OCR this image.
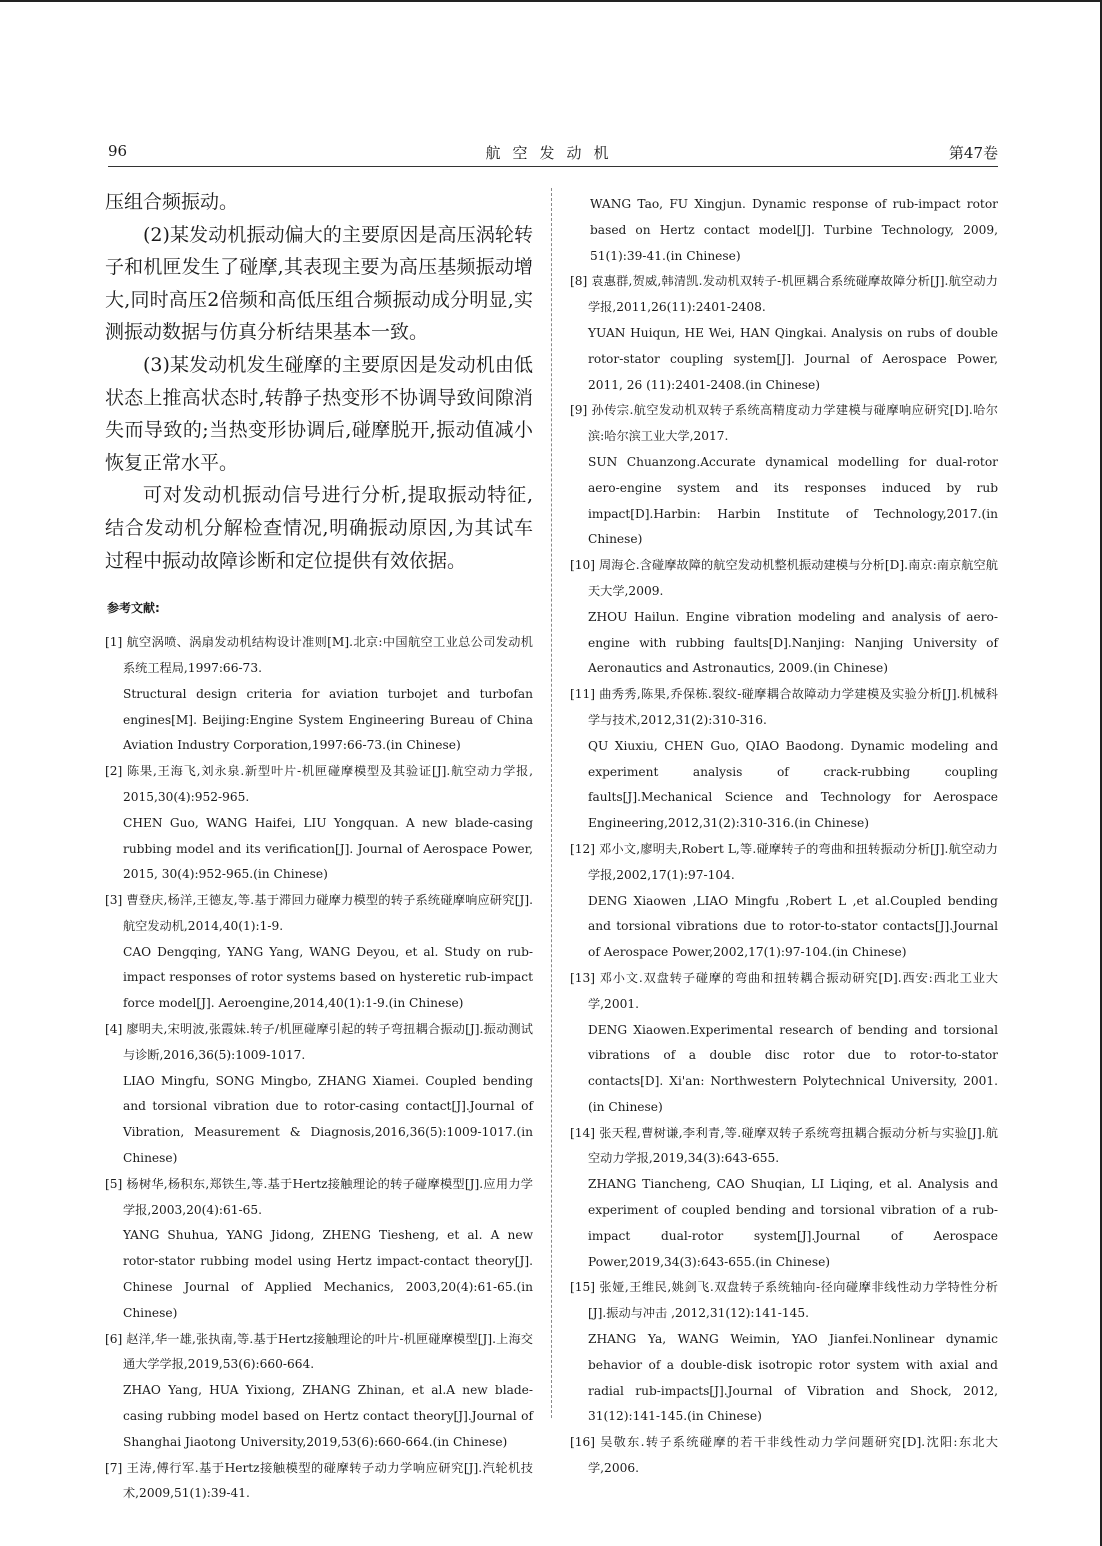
96	航空发动机	第47卷

压组合频振动。

(2)某发动机振动偏大的主要原因是高压涡轮转子和机匣发生了碰摩,其表现主要为高压基频振动增大,同时高压2倍频和高低压组合频振动成分明显,实测振动数据与仿真分析结果基本一致。

(3)某发动机发生碰摩的主要原因是发动机由低状态上推高状态时,转静子热变形不协调导致间隙消失而导致的;当热变形协调后,碰摩脱开,振动值减小恢复正常水平。

可对发动机振动信号进行分析,提取振动特征,结合发动机分解检查情况,明确振动原因,为其试车过程中振动故障诊断和定位提供有效依据。

参考文献:
[1] 航空涡喷、涡扇发动机结构设计准则[M].北京:中国航空工业总公司发动机系统工程局,1997:66-73.
Structural design criteria for aviation turbojet and turbofan engines[M]. Beijing:Engine System Engineering Bureau of China Aviation Industry Corporation,1997:66-73.(in Chinese)
[2] 陈果,王海飞,刘永泉.新型叶片-机匣碰摩模型及其验证[J].航空动力学报, 2015,30(4):952-965.
CHEN Guo, WANG Haifei, LIU Yongquan. A new blade-casing rubbing model and its verification[J]. Journal of Aerospace Power, 2015, 30(4):952-965.(in Chinese)
[3] 曹登庆,杨洋,王德友,等.基于滞回力碰摩力模型的转子系统碰摩响应研究[J].航空发动机,2014,40(1):1-9.
CAO Dengqing, YANG Yang, WANG Deyou, et al. Study on rub-impact responses of rotor systems based on hysteretic rub-impact force model[J]. Aeroengine,2014,40(1):1-9.(in Chinese)
[4] 廖明夫,宋明波,张霞妹.转子/机匣碰摩引起的转子弯扭耦合振动[J].振动测试与诊断,2016,36(5):1009-1017.
LIAO Mingfu, SONG Mingbo, ZHANG Xiamei. Coupled bending and torsional vibration due to rotor-casing contact[J].Journal of Vibration, Measurement & Diagnosis,2016,36(5):1009-1017.(in Chinese)
[5] 杨树华,杨积东,郑铁生,等.基于Hertz接触理论的转子碰摩模型[J].应用力学学报,2003,20(4):61-65.
YANG Shuhua, YANG Jidong, ZHENG Tiesheng, et al. A new rotor-stator rubbing model using Hertz impact-contact theory[J]. Chinese Journal of Applied Mechanics, 2003,20(4):61-65.(in Chinese)
[6] 赵洋,华一雄,张执南,等.基于Hertz接触理论的叶片-机匣碰摩模型[J].上海交通大学学报,2019,53(6):660-664.
ZHAO Yang, HUA Yixiong, ZHANG Zhinan, et al.A new blade-casing rubbing model based on Hertz contact theory[J].Journal of Shanghai Jiaotong University,2019,53(6):660-664.(in Chinese)
[7] 王涛,傅行军.基于Hertz接触模型的碰摩转子动力学响应研究[J].汽轮机技术,2009,51(1):39-41.
WANG Tao, FU Xingjun. Dynamic response of rub-impact rotor based on Hertz contact model[J]. Turbine Technology, 2009, 51(1):39-41.(in Chinese)
[8] 袁惠群,贺威,韩清凯.发动机双转子-机匣耦合系统碰摩故障分析[J].航空动力学报,2011,26(11):2401-2408.
YUAN Huiqun, HE Wei, HAN Qingkai. Analysis on rubs of double rotor-stator coupling system[J]. Journal of Aerospace Power, 2011, 26 (11):2401-2408.(in Chinese)
[9] 孙传宗.航空发动机双转子系统高精度动力学建模与碰摩响应研究[D].哈尔滨:哈尔滨工业大学,2017.
SUN Chuanzong.Accurate dynamical modelling for dual-rotor aero-engine system and its responses induced by rub impact[D].Harbin: Harbin Institute of Technology,2017.(in Chinese)
[10] 周海仑.含碰摩故障的航空发动机整机振动建模与分析[D].南京:南京航空航天大学,2009.
ZHOU Hailun. Engine vibration modeling and analysis of aero-engine with rubbing faults[D].Nanjing: Nanjing University of Aeronautics and Astronautics, 2009.(in Chinese)
[11] 曲秀秀,陈果,乔保栋.裂纹-碰摩耦合故障动力学建模及实验分析[J].机械科学与技术,2012,31(2):310-316.
QU Xiuxiu, CHEN Guo, QIAO Baodong. Dynamic modeling and experiment analysis of crack-rubbing coupling faults[J].Mechanical Science and Technology for Aerospace Engineering,2012,31(2):310-316.(in Chinese)
[12] 邓小文,廖明夫,Robert L,等.碰摩转子的弯曲和扭转振动分析[J].航空动力学报,2002,17(1):97-104.
DENG Xiaowen ,LIAO Mingfu ,Robert L ,et al.Coupled bending and torsional vibrations due to rotor-to-stator contacts[J].Journal of Aerospace Power,2002,17(1):97-104.(in Chinese)
[13] 邓小文.双盘转子碰摩的弯曲和扭转耦合振动研究[D].西安:西北工业大学,2001.
DENG Xiaowen.Experimental research of bending and torsional vibrations of a double disc rotor due to rotor-to-stator contacts[D]. Xi'an: Northwestern Polytechnical University, 2001.(in Chinese)
[14] 张天程,曹树谦,李利青,等.碰摩双转子系统弯扭耦合振动分析与实验[J].航空动力学报,2019,34(3):643-655.
ZHANG Tiancheng, CAO Shuqian, LI Liqing, et al. Analysis and experiment of coupled bending and torsional vibration of a rub-impact dual-rotor system[J].Journal of Aerospace Power,2019,34(3):643-655.(in Chinese)
[15] 张娅,王维民,姚剑飞.双盘转子系统轴向-径向碰摩非线性动力学特性分析[J].振动与冲击 ,2012,31(12):141-145.
ZHANG Ya, WANG Weimin, YAO Jianfei.Nonlinear dynamic behavior of a double-disk isotropic rotor system with axial and radial rub-impacts[J].Journal of Vibration and Shock, 2012, 31(12):141-145.(in Chinese)
[16] 吴敬东.转子系统碰摩的若干非线性动力学问题研究[D].沈阳:东北大学,2006.
